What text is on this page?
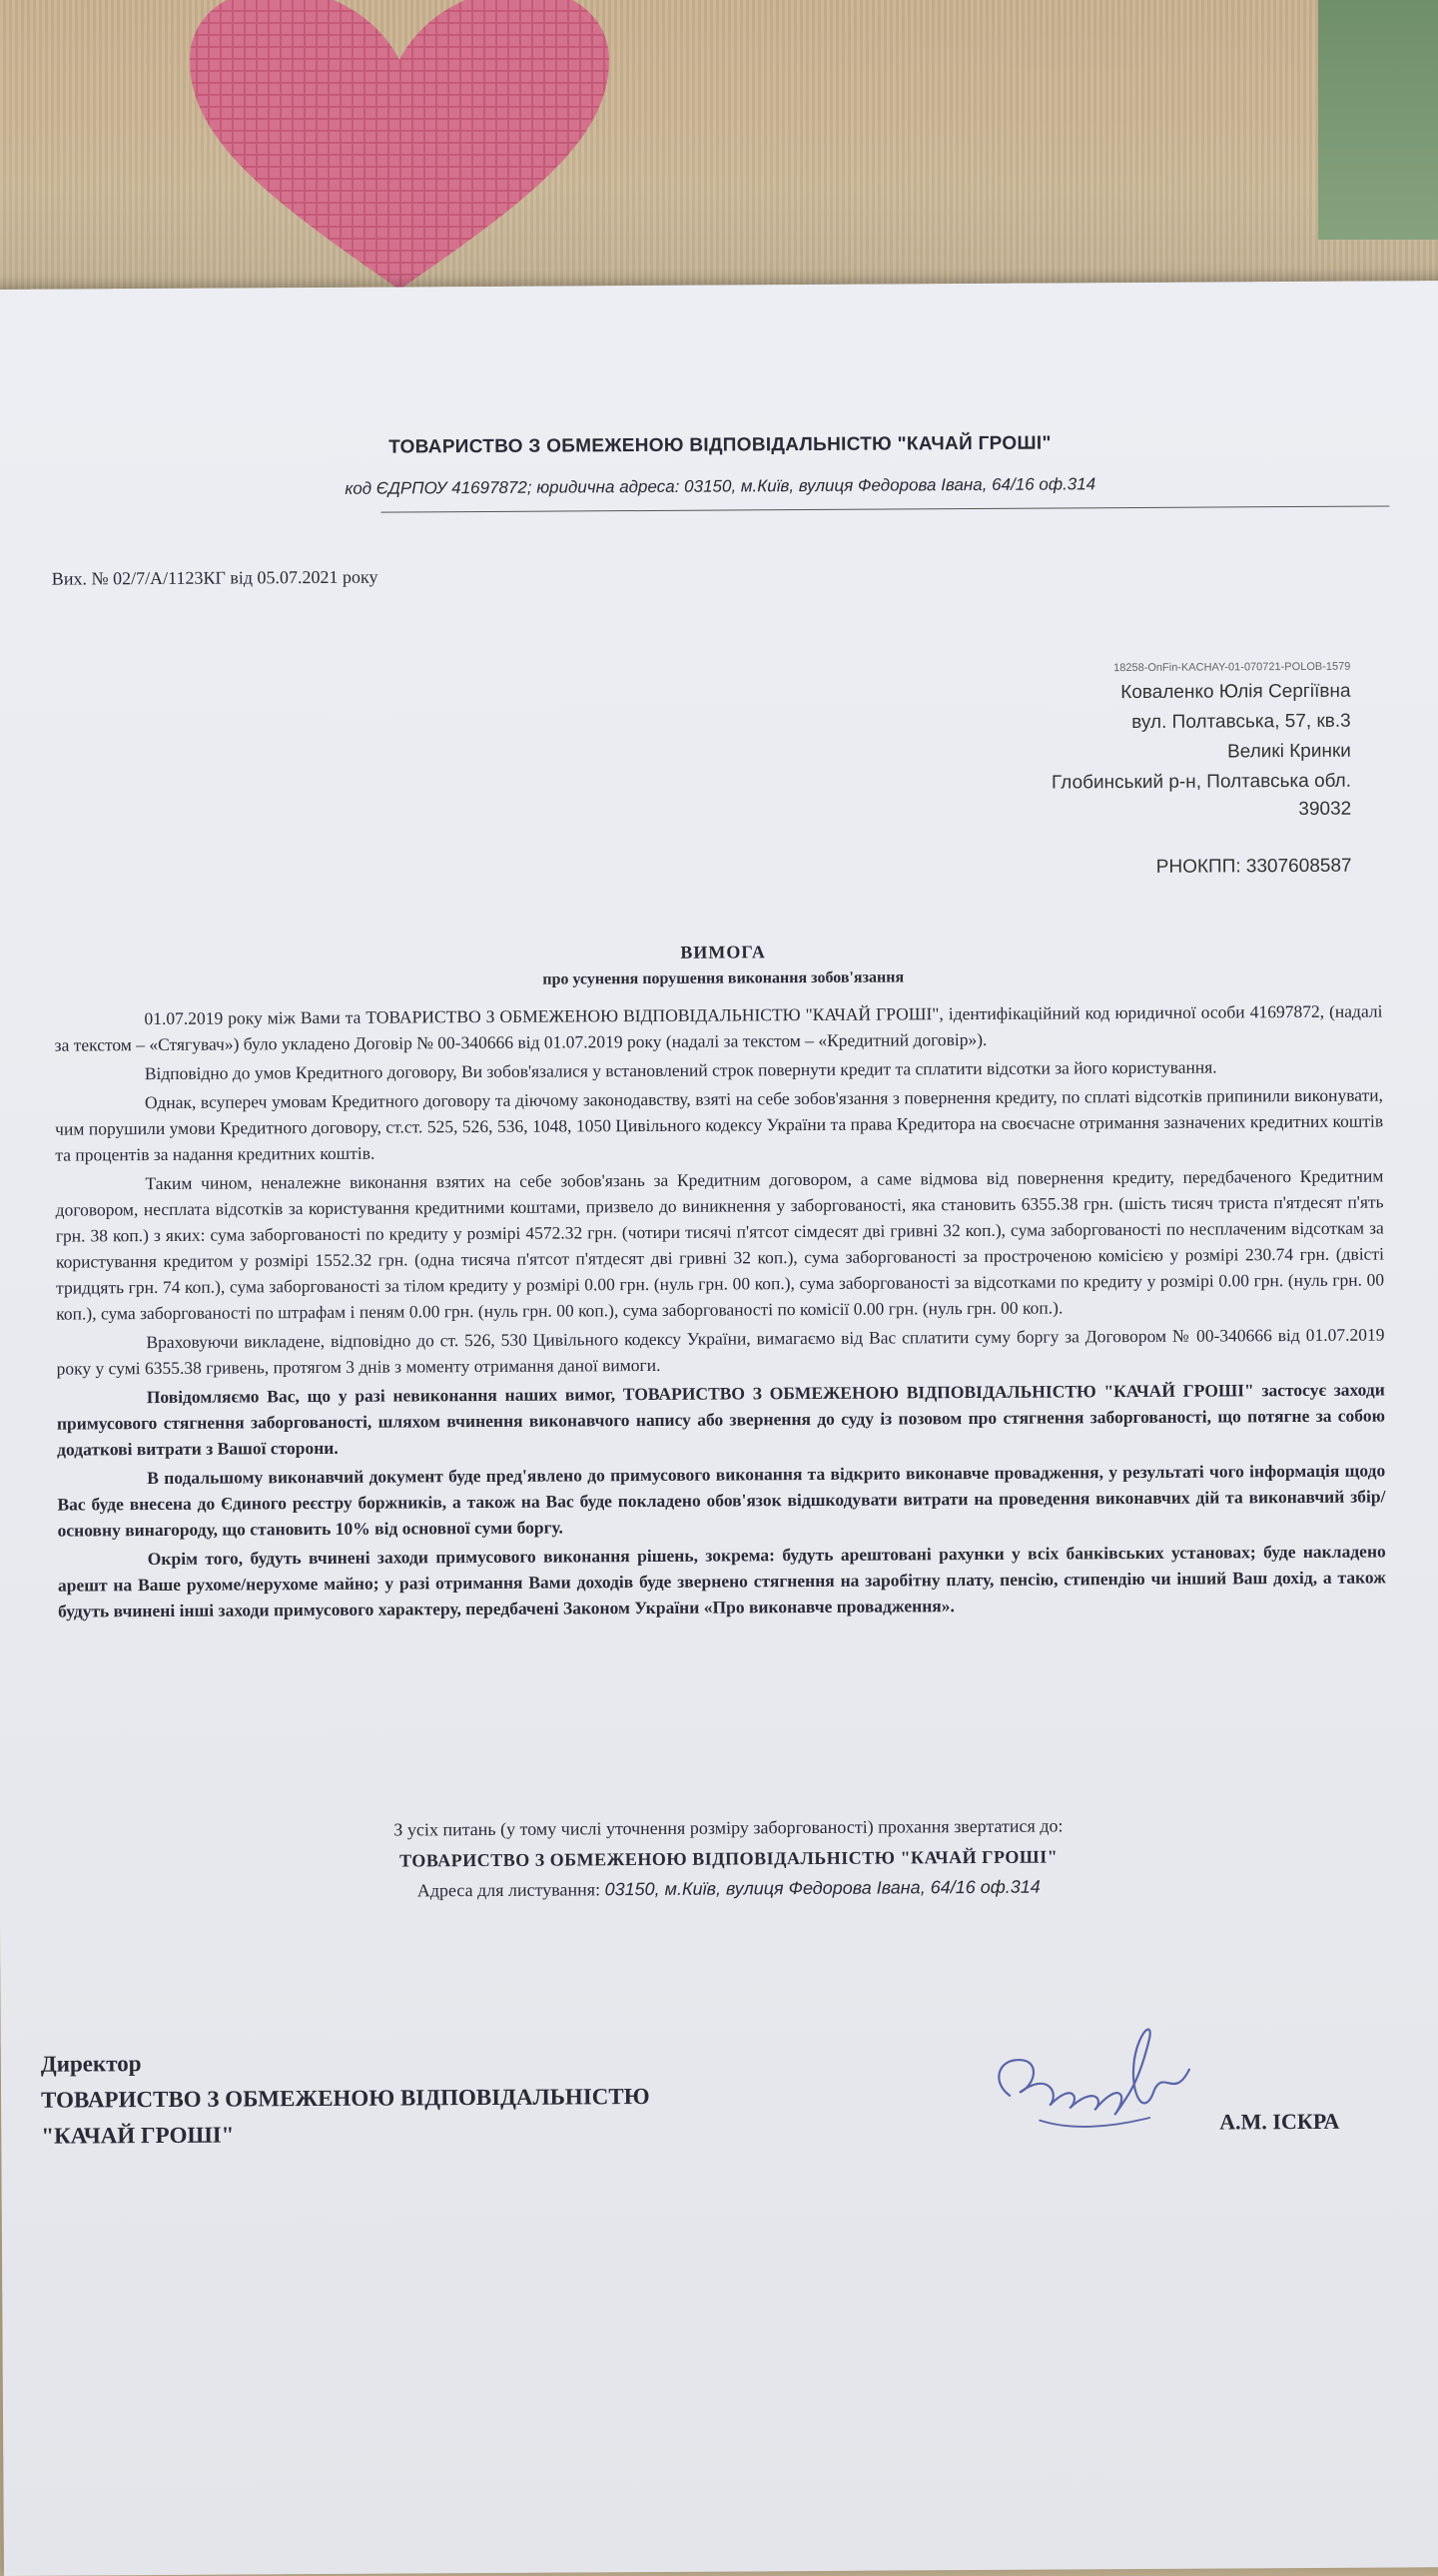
ТОВАРИСТВО З ОБМЕЖЕНОЮ ВІДПОВІДАЛЬНІСТЮ "КАЧАЙ ГРОШІ"
код ЄДРПОУ 41697872; юридична адреса: 03150, м.Київ, вулиця Федорова Івана, 64/16 оф.314
Вих. № 02/7/А/1123КГ від 05.07.2021 року
18258-OnFin-KACHAY-01-070721-POLOB-1579
Коваленко Юлія Сергіївна
вул. Полтавська, 57, кв.3
Великі Кринки
Глобинський р-н, Полтавська обл.
39032
РНОКПП: 3307608587
ВИМОГА
про усунення порушення виконання зобов'язання

01.07.2019 року між Вами та ТОВАРИСТВО З ОБМЕЖЕНОЮ ВІДПОВІДАЛЬНІСТЮ "КАЧАЙ ГРОШІ", ідентифікаційний код юридичної особи 41697872, (надалі за текстом – «Стягувач») було укладено Договір № 00-340666 від 01.07.2019 року (надалі за текстом – «Кредитний договір»).

Відповідно до умов Кредитного договору, Ви зобов'язалися у встановлений строк повернути кредит та сплатити відсотки за його користування.

Однак, всупереч умовам Кредитного договору та діючому законодавству, взяті на себе зобов'язання з повернення кредиту, по сплаті відсотків припинили виконувати, чим порушили умови Кредитного договору, ст.ст. 525, 526, 536, 1048, 1050 Цивільного кодексу України та права Кредитора на своєчасне отримання зазначених кредитних коштів та процентів за надання кредитних коштів.

Таким чином, неналежне виконання взятих на себе зобов'язань за Кредитним договором, а саме відмова від повернення кредиту, передбаченого Кредитним договором, несплата відсотків за користування кредитними коштами, призвело до виникнення у заборгованості, яка становить 6355.38 грн. (шість тисяч триста п'ятдесят п'ять грн. 38 коп.) з яких: сума заборгованості по кредиту у розмірі 4572.32 грн. (чотири тисячі п'ятсот сімдесят дві гривні 32 коп.), сума заборгованості по несплаченим відсоткам за користування кредитом у розмірі 1552.32 грн. (одна тисяча п'ятсот п'ятдесят дві гривні 32 коп.), сума заборгованості за простроченою комісією у розмірі 230.74 грн. (двісті тридцять грн. 74 коп.), сума заборгованості за тілом кредиту у розмірі 0.00 грн. (нуль грн. 00 коп.), сума заборгованості за відсотками по кредиту у розмірі 0.00 грн. (нуль грн. 00 коп.), сума заборгованості по штрафам і пеням 0.00 грн. (нуль грн. 00 коп.), сума заборгованості по комісії 0.00 грн. (нуль грн. 00 коп.).

Враховуючи викладене, відповідно до ст. 526, 530 Цивільного кодексу України, вимагаємо від Вас сплатити суму боргу за Договором № 00-340666 від 01.07.2019 року у сумі 6355.38 гривень, протягом 3 днів з моменту отримання даної вимоги.

Повідомляємо Вас, що у разі невиконання наших вимог, ТОВАРИСТВО З ОБМЕЖЕНОЮ ВІДПОВІДАЛЬНІСТЮ "КАЧАЙ ГРОШІ" застосує заходи примусового стягнення заборгованості, шляхом вчинення виконавчого напису або звернення до суду із позовом про стягнення заборгованості, що потягне за собою додаткові витрати з Вашої сторони.

В подальшому виконавчий документ буде пред'явлено до примусового виконання та відкрито виконавче провадження, у результаті чого інформація щодо Вас буде внесена до Єдиного реєстру боржників, а також на Вас буде покладено обов'язок відшкодувати витрати на проведення виконавчих дій та виконавчий збір/основну винагороду, що становить 10% від основної суми боргу.

Окрім того, будуть вчинені заходи примусового виконання рішень, зокрема: будуть арештовані рахунки у всіх банківських установах; буде накладено арешт на Ваше рухоме/нерухоме майно; у разі отримання Вами доходів буде звернено стягнення на заробітну плату, пенсію, стипендію чи інший Ваш дохід, а також будуть вчинені інші заходи примусового характеру, передбачені Законом України «Про виконавче провадження».

З усіх питань (у тому числі уточнення розміру заборгованості) прохання звертатися до:
ТОВАРИСТВО З ОБМЕЖЕНОЮ ВІДПОВІДАЛЬНІСТЮ "КАЧАЙ ГРОШІ"
Адреса для листування: 03150, м.Київ, вулиця Федорова Івана, 64/16 оф.314
Директор
ТОВАРИСТВО З ОБМЕЖЕНОЮ ВІДПОВІДАЛЬНІСТЮ
"КАЧАЙ ГРОШІ"
А.М. ІСКРА
